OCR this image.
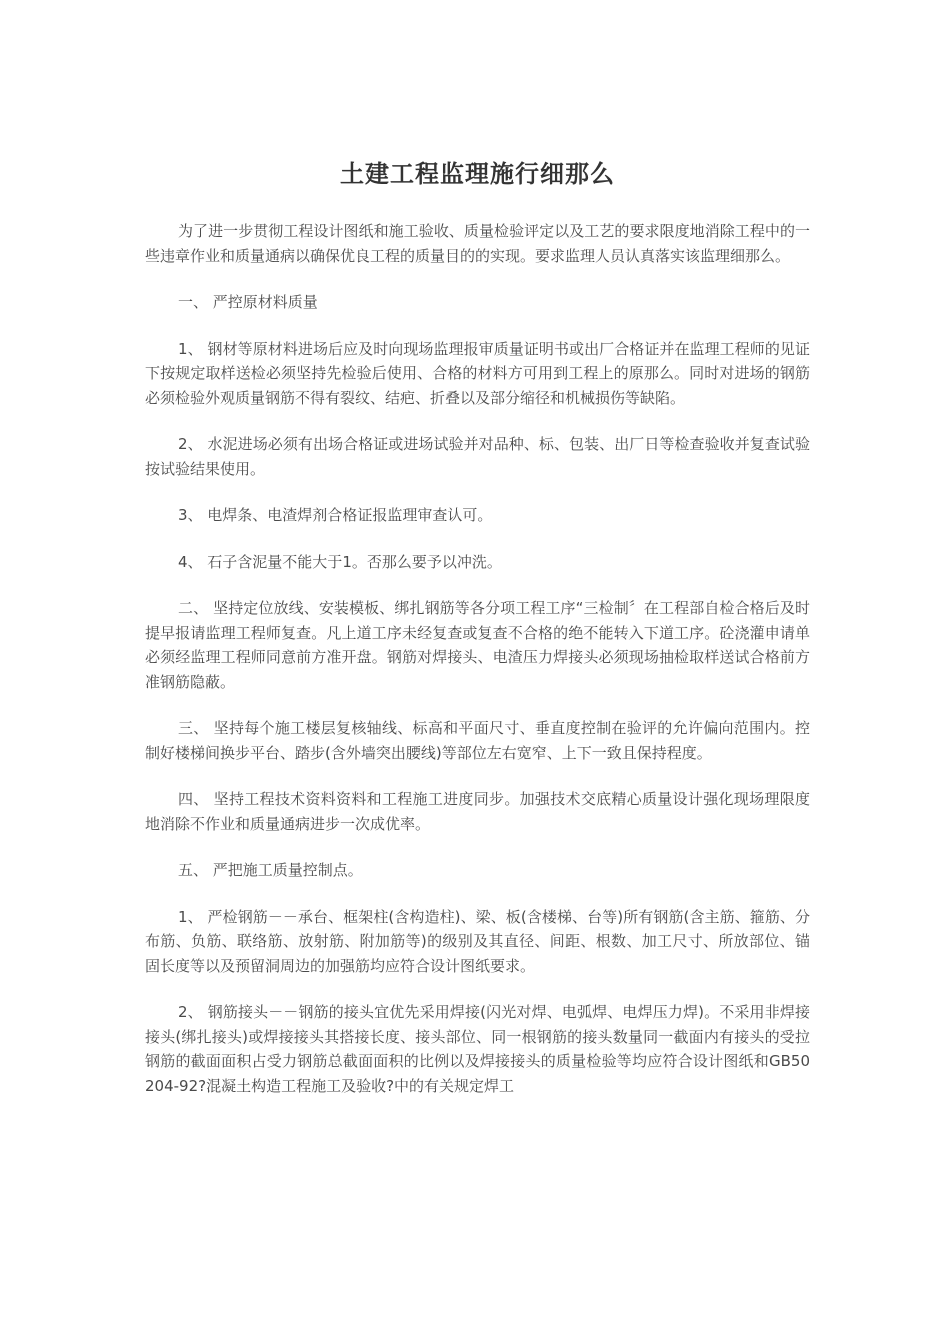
土建工程监理施行细那么

为了进一步贯彻工程设计图纸和施工验收、质量检验评定以及工艺的要求限度地消除工程中的一些违章作业和质量通病以确保优良工程的质量目的的实现。要求监理人员认真落实该监理细那么。

一、 严控原材料质量

1、 钢材等原材料进场后应及时向现场监理报审质量证明书或出厂合格证并在监理工程师的见证下按规定取样送检必须坚持先检验后使用、合格的材料方可用到工程上的原那么。同时对进场的钢筋必须检验外观质量钢筋不得有裂纹、结疤、折叠以及部分缩径和机械损伤等缺陷。

2、 水泥进场必须有出场合格证或进场试验并对品种、标、包装、出厂日等检查验收并复查试验按试验结果使用。

3、 电焊条、电渣焊剂合格证报监理审查认可。

4、 石子含泥量不能大于1。否那么要予以冲洗。

二、 坚持定位放线、安装模板、绑扎钢筋等各分项工程工序“三检制〞在工程部自检合格后及时提早报请监理工程师复查。凡上道工序未经复查或复查不合格的绝不能转入下道工序。砼浇灌申请单必须经监理工程师同意前方准开盘。钢筋对焊接头、电渣压力焊接头必须现场抽检取样送试合格前方准钢筋隐蔽。

三、 坚持每个施工楼层复核轴线、标高和平面尺寸、垂直度控制在验评的允许偏向范围内。控制好楼梯间换步平台、踏步(含外墙突出腰线)等部位左右宽窄、上下一致且保持程度。

四、 坚持工程技术资料资料和工程施工进度同步。加强技术交底精心质量设计强化现场理限度地消除不作业和质量通病进步一次成优率。

五、 严把施工质量控制点。

1、 严检钢筋－－承台、框架柱(含构造柱)、梁、板(含楼梯、台等)所有钢筋(含主筋、箍筋、分布筋、负筋、联络筋、放射筋、附加筋等)的级别及其直径、间距、根数、加工尺寸、所放部位、锚固长度等以及预留洞周边的加强筋均应符合设计图纸要求。

2、 钢筋接头－－钢筋的接头宜优先采用焊接(闪光对焊、电弧焊、电焊压力焊)。不采用非焊接接头(绑扎接头)或焊接接头其搭接长度、接头部位、同一根钢筋的接头数量同一截面内有接头的受拉钢筋的截面面积占受力钢筋总截面面积的比例以及焊接接头的质量检验等均应符合设计图纸和GB50204-92?混凝土构造工程施工及验收?中的有关规定焊工
